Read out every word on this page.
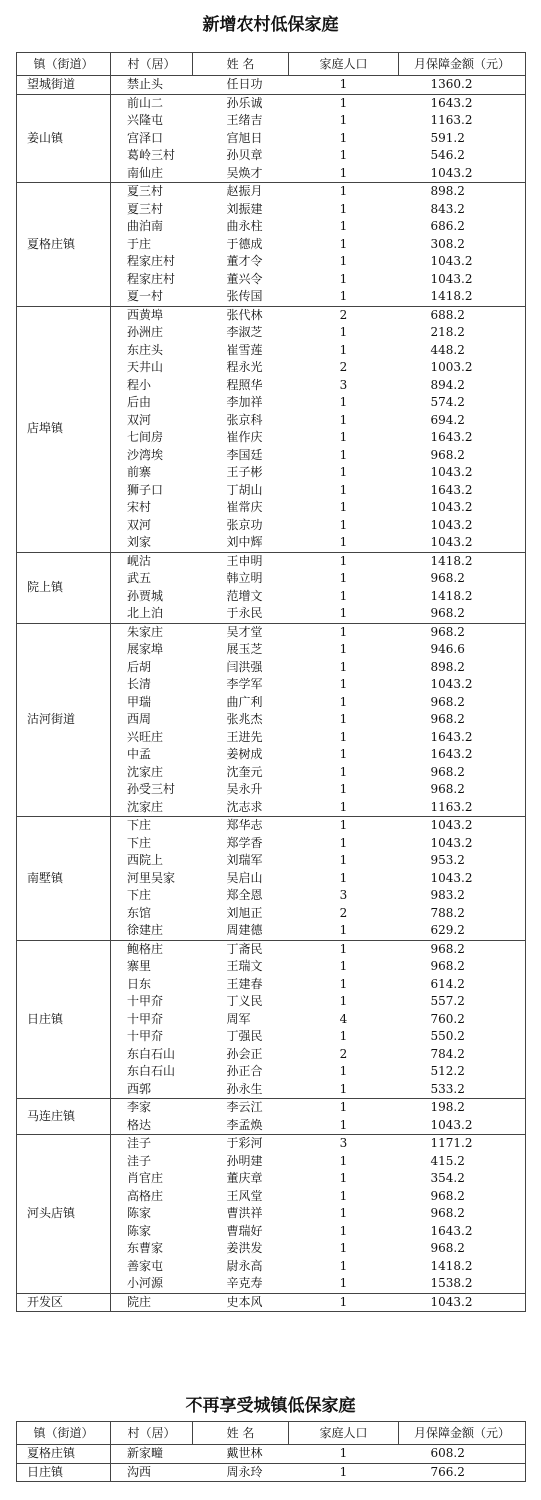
新增农村低保家庭
镇（街道）	村（居）	姓 名	家庭人口	月保障金额（元）
望城街道	禁止头	任日功	1	1360.2
姜山镇	前山二	孙乐诚	1	1643.2
	兴隆屯	王绪吉	1	1163.2
	宫泽口	宫旭日	1	591.2
	葛岭三村	孙贝章	1	546.2
	南仙庄	吴焕才	1	1043.2
夏格庄镇	夏三村	赵振月	1	898.2
	夏三村	刘振建	1	843.2
	曲泊南	曲永柱	1	686.2
	于庄	于德成	1	308.2
	程家庄村	董才令	1	1043.2
	程家庄村	董兴令	1	1043.2
	夏一村	张传国	1	1418.2
店埠镇	西黄埠	张代林	2	688.2
	孙洲庄	李淑芝	1	218.2
	东庄头	崔雪莲	1	448.2
	天井山	程永光	2	1003.2
	程小	程照华	3	894.2
	后由	李加祥	1	574.2
	双河	张京科	1	694.2
	七间房	崔作庆	1	1643.2
	沙湾埃	李国廷	1	968.2
	前寨	王子彬	1	1043.2
	狮子口	丁胡山	1	1643.2
	宋村	崔常庆	1	1043.2
	双河	张京功	1	1043.2
	刘家	刘中辉	1	1043.2
院上镇	岘沽	王申明	1	1418.2
	武五	韩立明	1	968.2
	孙贾城	范增文	1	1418.2
	北上泊	于永民	1	968.2
沽河街道	朱家庄	吴才堂	1	968.2
	展家埠	展玉芝	1	946.6
	后胡	闫洪强	1	898.2
	长清	李学军	1	1043.2
	甲瑞	曲广利	1	968.2
	西周	张兆杰	1	968.2
	兴旺庄	王进先	1	1643.2
	中孟	姜树成	1	1643.2
	沈家庄	沈奎元	1	968.2
	孙受三村	吴永升	1	968.2
	沈家庄	沈志求	1	1163.2
南墅镇	下庄	郑华志	1	1043.2
	下庄	郑学香	1	1043.2
	西院上	刘瑞军	1	953.2
	河里吴家	吴启山	1	1043.2
	下庄	郑全恩	3	983.2
	东馆	刘旭正	2	788.2
	徐建庄	周建德	1	629.2
日庄镇	鲍格庄	丁斋民	1	968.2
	寨里	王瑞文	1	968.2
	日东	王建春	1	614.2
	十甲夼	丁义民	1	557.2
	十甲夼	周军	4	760.2
	十甲夼	丁强民	1	550.2
	东白石山	孙会正	2	784.2
	东白石山	孙正合	1	512.2
	西郭	孙永生	1	533.2
马连庄镇	李家	李云江	1	198.2
	格达	李孟焕	1	1043.2
河头店镇	洼子	于彩河	3	1171.2
	洼子	孙明建	1	415.2
	肖官庄	董庆章	1	354.2
	高格庄	王风堂	1	968.2
	陈家	曹洪祥	1	968.2
	陈家	曹瑞好	1	1643.2
	东曹家	姜洪发	1	968.2
	善家屯	尉永高	1	1418.2
	小河源	辛克寿	1	1538.2
开发区	院庄	史本风	1	1043.2
不再享受城镇低保家庭
镇（街道）	村（居）	姓 名	家庭人口	月保障金额（元）
夏格庄镇	新家疃	戴世林	1	608.2
日庄镇	沟西	周永玲	1	766.2
